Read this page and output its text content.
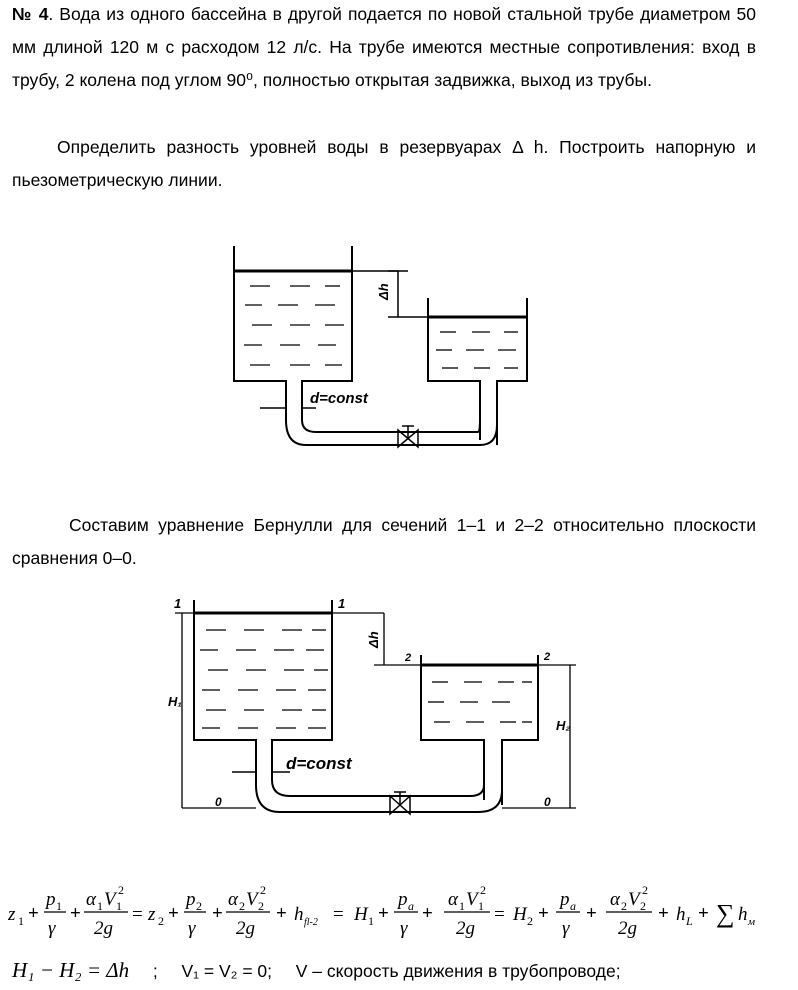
№ 4. Вода из одного бассейна в другой подается по новой стальной трубе диаметром 50 мм длиной 120 м с расходом 12 л/с. На трубе имеются местные сопротивления: вход в трубу, 2 колена под углом 90⁰, полностью открытая задвижка, выход из трубы.

Определить разность уровней воды в резервуарах Δ h. Построить напорную и пьезометрическую линии.

Δh
d=const

Составим уравнение Бернулли для сечений 1–1 и 2–2 относительно плоскости сравнения 0–0.

1	1
2	2
0	0
H₁
H₂
Δh
d=const
z 1 +
p 1
γ
+
α 1 V 1
2
2g
= z 2 +
p 2
γ
+
α 2 V 2
2
2g
+ h fl-2 = H 1 +
p a
γ
+
α 1 V 1
2
2g
= H 2 +
p a
γ
+
α 2 V 2
2
2g
+ h L + ∑ h м
H₁ − H₂ = Δh ; V₁ = V₂ = 0; V – скорость движения в трубопроводе;
